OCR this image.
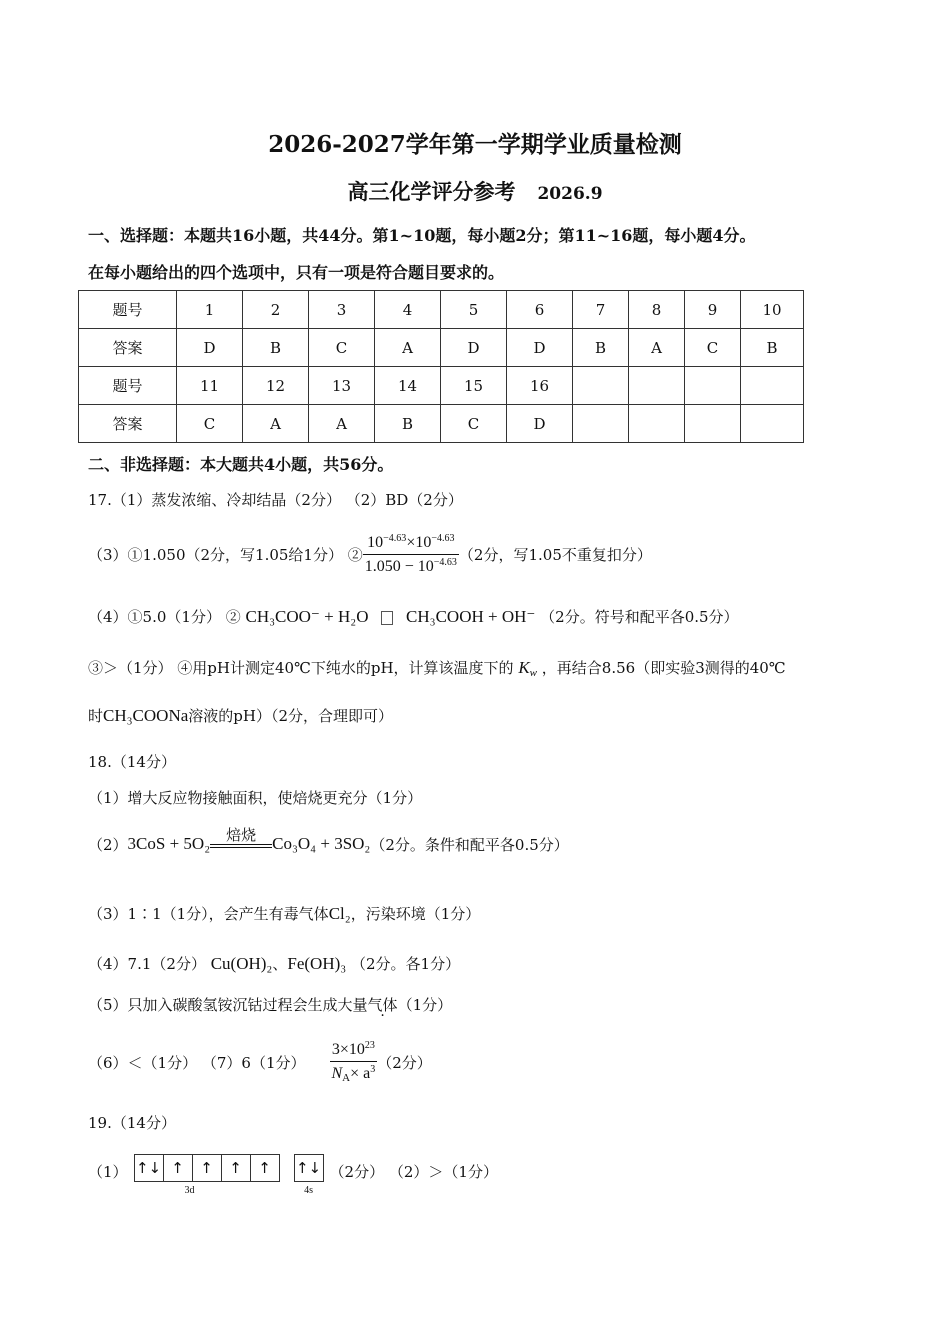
2026-2027学年第一学期学业质量检测
高三化学评分参考 2026.9
一、选择题：本题共16小题，共44分。第1~10题，每小题2分；第11~16题，每小题4分。
在每小题给出的四个选项中，只有一项是符合题目要求的。
题号	1	2	3	4	5	6	7	8	9	10
答案	D	B	C	A	D	D	B	A	C	B
题号	11	12	13	14	15	16				
答案	C	A	A	B	C	D				
二、非选择题：本大题共4小题，共56分。
17.（1）蒸发浓缩、冷却结晶（2分） （2）BD（2分）
（3）①1.050（2分，写1.05给1分） ② $\frac{10^{-4.63}\times 10^{-4.63}}{1.050 - 10^{-4.63}} (2$分，写1.05不重复扣分）
（4）①5.0（1分） ② CH₃COO⁻ + H₂O CH₃COOH + OH⁻ （2分。符号和配平各0.5分）
③＞（1分） ④用pH计测定40℃下纯水的pH，计算该温度下的 $K_w$ ，再结合8.56（即实验3测得的40℃
时CH₃COONa溶液的pH）（2分，合理即可）
18.（14分）
（1）增大反应物接触面积，使焙烧更充分（1分）
（2） 3CoS + 5O₂	焙烧 Co₃O₄ + 3SO₂ （2分。条件和配平各0.5分）
（3）1∶1（1分），会产生有毒气体Cl₂，污染环境（1分）
（4）7.1（2分） Cu(OH)₂、Fe(OH)₃ （2分。各1分）
（5）只加入碳酸氢铵沉钴过程会生成大量气体（1分）
（6）＜（1分） （7）6（1分） $\frac{3\times 10^{23}}{N_A\times a^3} (2$分）
19.（14分）
（1） ↑↓ ↑	↑	↑	↑
3d
↑↓
4s
（2分） （2）＞（1分）
